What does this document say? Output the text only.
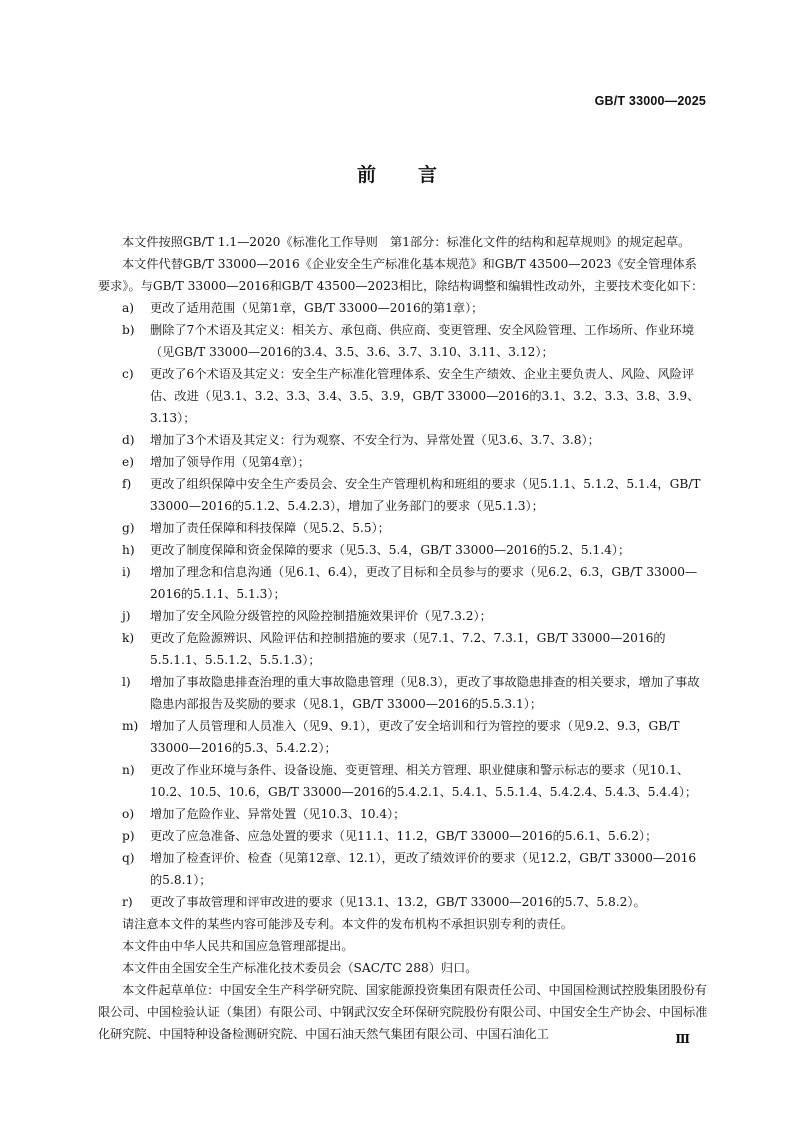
GB/T 33000—2025
前言

本文件按照GB/T 1.1—2020《标准化工作导则　第1部分：标准化文件的结构和起草规则》的规定起草。

本文件代替GB/T 33000—2016《企业安全生产标准化基本规范》和GB/T 43500—2023《安全管理体系　要求》。与GB/T 33000—2016和GB/T 43500—2023相比，除结构调整和编辑性改动外，主要技术变化如下：

a) 更改了适用范围（见第1章，GB/T 33000—2016的第1章）；

b) 删除了7个术语及其定义：相关方、承包商、供应商、变更管理、安全风险管理、工作场所、作业环境（见GB/T 33000—2016的3.4、3.5、3.6、3.7、3.10、3.11、3.12）；

c) 更改了6个术语及其定义：安全生产标准化管理体系、安全生产绩效、企业主要负责人、风险、风险评估、改进（见3.1、3.2、3.3、3.4、3.5、3.9，GB/T 33000—2016的3.1、3.2、3.3、3.8、3.9、3.13）；

d) 增加了3个术语及其定义：行为观察、不安全行为、异常处置（见3.6、3.7、3.8）；

e) 增加了领导作用（见第4章）；

f) 更改了组织保障中安全生产委员会、安全生产管理机构和班组的要求（见5.1.1、5.1.2、5.1.4，GB/T 33000—2016的5.1.2、5.4.2.3），增加了业务部门的要求（见5.1.3）；

g) 增加了责任保障和科技保障（见5.2、5.5）；

h) 更改了制度保障和资金保障的要求（见5.3、5.4，GB/T 33000—2016的5.2、5.1.4）；

i) 增加了理念和信息沟通（见6.1、6.4），更改了目标和全员参与的要求（见6.2、6.3，GB/T 33000—2016的5.1.1、5.1.3）；

j) 增加了安全风险分级管控的风险控制措施效果评价（见7.3.2）；

k) 更改了危险源辨识、风险评估和控制措施的要求（见7.1、7.2、7.3.1，GB/T 33000—2016的5.5.1.1、5.5.1.2、5.5.1.3）；

l) 增加了事故隐患排查治理的重大事故隐患管理（见8.3），更改了事故隐患排查的相关要求，增加了事故隐患内部报告及奖励的要求（见8.1，GB/T 33000—2016的5.5.3.1）；

m) 增加了人员管理和人员准入（见9、9.1），更改了安全培训和行为管控的要求（见9.2、9.3，GB/T 33000—2016的5.3、5.4.2.2）；

n) 更改了作业环境与条件、设备设施、变更管理、相关方管理、职业健康和警示标志的要求（见10.1、10.2、10.5、10.6，GB/T 33000—2016的5.4.2.1、5.4.1、5.5.1.4、5.4.2.4、5.4.3、5.4.4）；

o) 增加了危险作业、异常处置（见10.3、10.4）；

p) 更改了应急准备、应急处置的要求（见11.1、11.2，GB/T 33000—2016的5.6.1、5.6.2）；

q) 增加了检查评价、检查（见第12章、12.1），更改了绩效评价的要求（见12.2，GB/T 33000—2016的5.8.1）；

r) 更改了事故管理和评审改进的要求（见13.1、13.2，GB/T 33000—2016的5.7、5.8.2）。

请注意本文件的某些内容可能涉及专利。本文件的发布机构不承担识别专利的责任。

本文件由中华人民共和国应急管理部提出。

本文件由全国安全生产标准化技术委员会（SAC/TC 288）归口。

本文件起草单位：中国安全生产科学研究院、国家能源投资集团有限责任公司、中国国检测试控股集团股份有限公司、中国检验认证（集团）有限公司、中钢武汉安全环保研究院股份有限公司、中国安全生产协会、中国标准化研究院、中国特种设备检测研究院、中国石油天然气集团有限公司、中国石油化工	Ⅲ
